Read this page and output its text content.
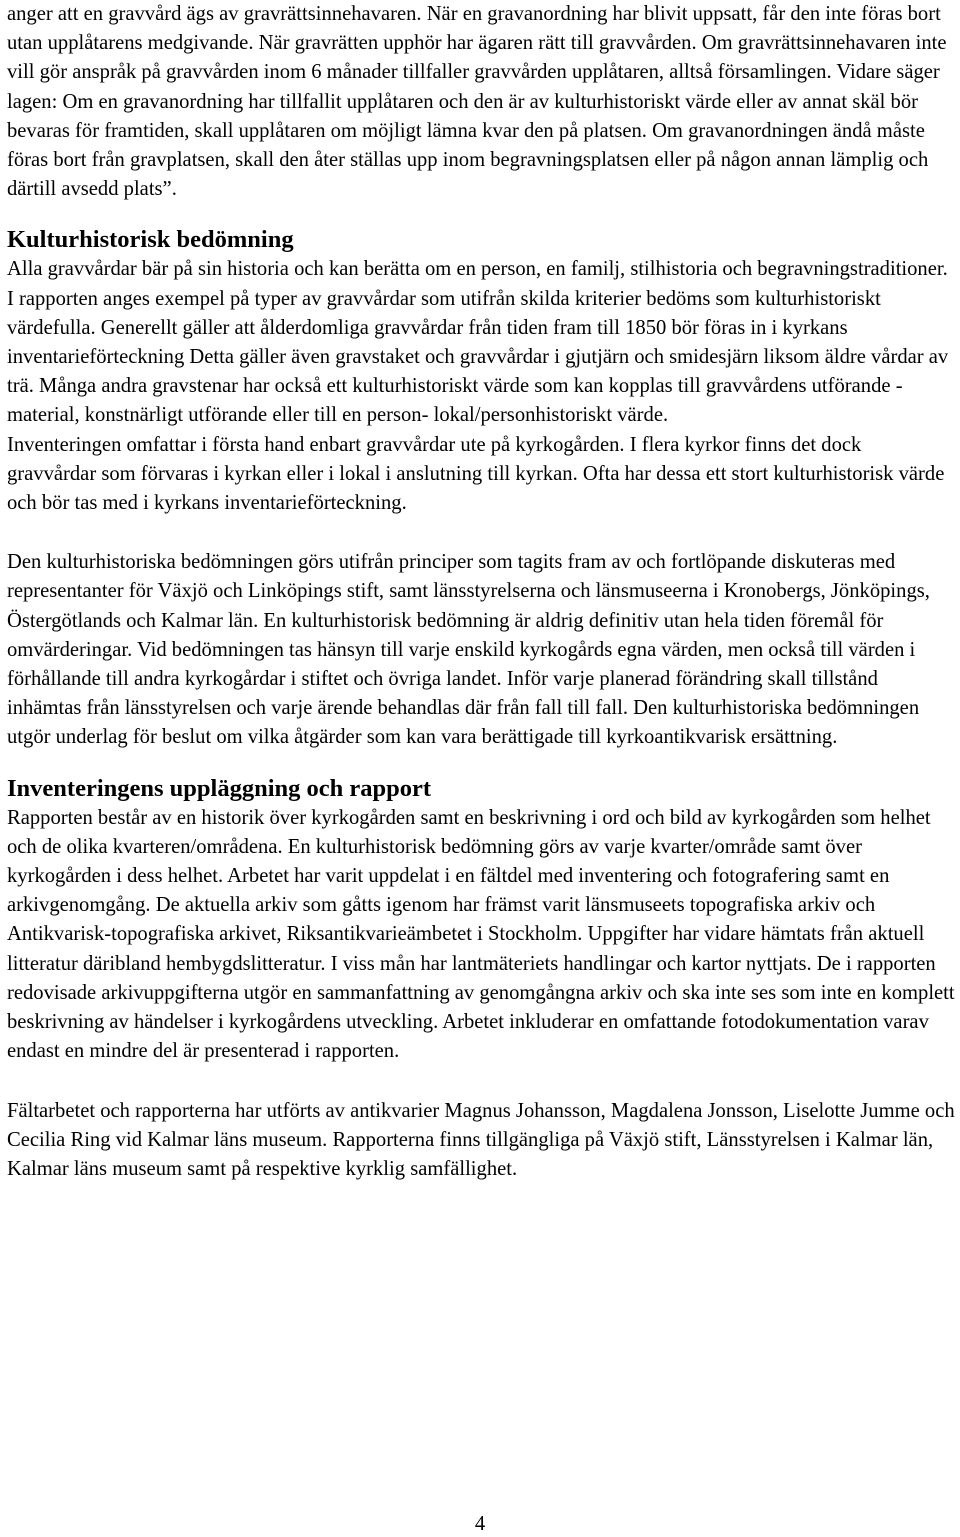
anger att en gravvård ägs av gravrättsinnehavaren. När en gravanordning har blivit uppsatt, får den inte föras bort utan upplåtarens medgivande. När gravrätten upphör har ägaren rätt till gravvården. Om gravrättsinnehavaren inte vill gör anspråk på gravvården inom 6 månader tillfaller gravvården upplåtaren, alltså församlingen. Vidare säger lagen: Om en gravanordning har tillfallit upplåtaren och den är av kulturhistoriskt värde eller av annat skäl bör bevaras för framtiden, skall upplåtaren om möjligt lämna kvar den på platsen. Om gravanordningen ändå måste föras bort från gravplatsen, skall den åter ställas upp inom begravningsplatsen eller på någon annan lämplig och därtill avsedd plats”.

Kulturhistorisk bedömning

Alla gravvårdar bär på sin historia och kan berätta om en person, en familj, stilhistoria och begravningstraditioner. I rapporten anges exempel på typer av gravvårdar som utifrån skilda kriterier bedöms som kulturhistoriskt värdefulla. Generellt gäller att ålderdomliga gravvårdar från tiden fram till 1850 bör föras in i kyrkans inventarieförteckning Detta gäller även gravstaket och gravvårdar i gjutjärn och smidesjärn liksom äldre vårdar av trä. Många andra gravstenar har också ett kulturhistoriskt värde som kan kopplas till gravvårdens utförande - material, konstnärligt utförande eller till en person- lokal/personhistoriskt värde.

Inventeringen omfattar i första hand enbart gravvårdar ute på kyrkogården. I flera kyrkor finns det dock gravvårdar som förvaras i kyrkan eller i lokal i anslutning till kyrkan. Ofta har dessa ett stort kulturhistorisk värde och bör tas med i kyrkans inventarieförteckning.

Den kulturhistoriska bedömningen görs utifrån principer som tagits fram av och fortlöpande diskuteras med representanter för Växjö och Linköpings stift, samt länsstyrelserna och länsmuseerna i Kronobergs, Jönköpings, Östergötlands och Kalmar län. En kulturhistorisk bedömning är aldrig definitiv utan hela tiden föremål för omvärderingar. Vid bedömningen tas hänsyn till varje enskild kyrkogårds egna värden, men också till värden i förhållande till andra kyrkogårdar i stiftet och övriga landet. Inför varje planerad förändring skall tillstånd inhämtas från länsstyrelsen och varje ärende behandlas där från fall till fall. Den kulturhistoriska bedömningen utgör underlag för beslut om vilka åtgärder som kan vara berättigade till kyrkoantikvarisk ersättning.

Inventeringens uppläggning och rapport

Rapporten består av en historik över kyrkogården samt en beskrivning i ord och bild av kyrkogården som helhet och de olika kvarteren/områdena. En kulturhistorisk bedömning görs av varje kvarter/område samt över kyrkogården i dess helhet. Arbetet har varit uppdelat i en fältdel med inventering och fotografering samt en arkivgenomgång. De aktuella arkiv som gåtts igenom har främst varit länsmuseets topografiska arkiv och Antikvarisk-topografiska arkivet, Riksantikvarieämbetet i Stockholm. Uppgifter har vidare hämtats från aktuell litteratur däribland hembygdslitteratur. I viss mån har lantmäteriets handlingar och kartor nyttjats. De i rapporten redovisade arkivuppgifterna utgör en sammanfattning av genomgångna arkiv och ska inte ses som inte en komplett beskrivning av händelser i kyrkogårdens utveckling. Arbetet inkluderar en omfattande fotodokumentation varav endast en mindre del är presenterad i rapporten.

Fältarbetet och rapporterna har utförts av antikvarier Magnus Johansson, Magdalena Jonsson, Liselotte Jumme och Cecilia Ring vid Kalmar läns museum. Rapporterna finns tillgängliga på Växjö stift, Länsstyrelsen i Kalmar län, Kalmar läns museum samt på respektive kyrklig samfällighet.

4
